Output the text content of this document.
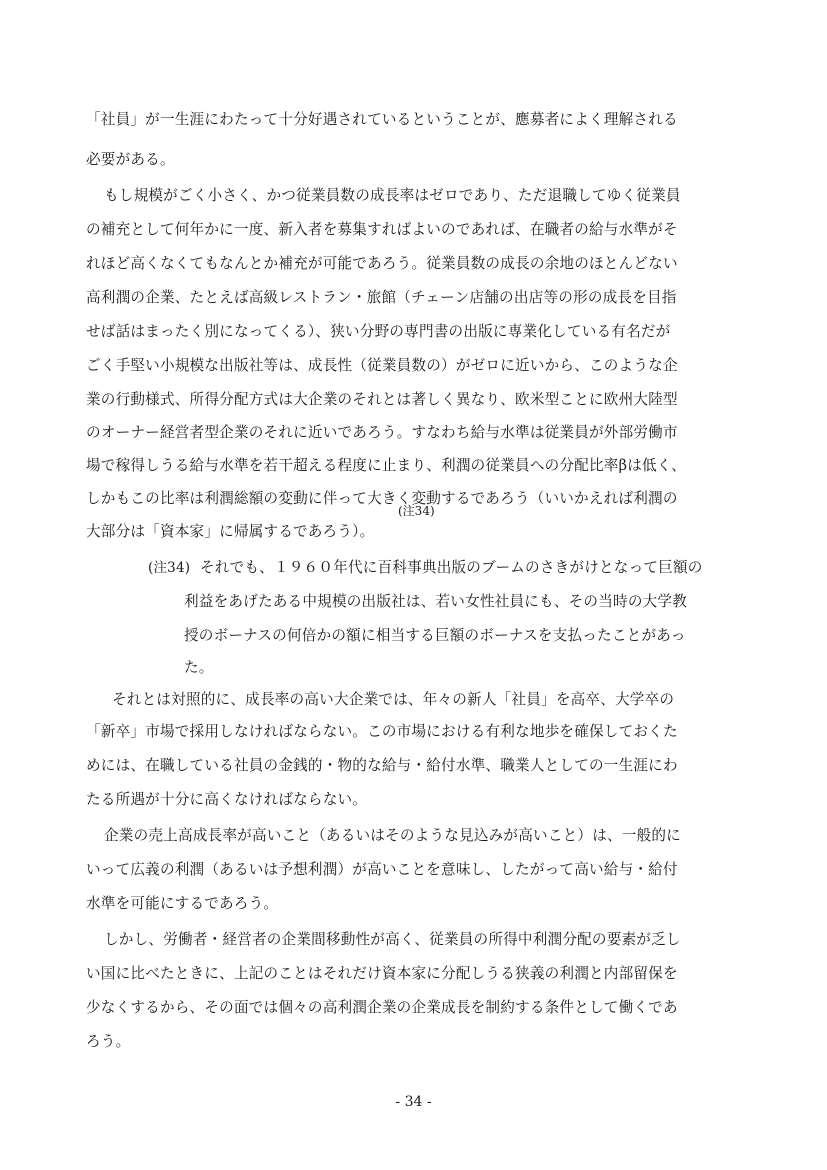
「社員」が一生涯にわたって十分好遇されているということが、應募者によく理解される
必要がある。
もし規模がごく小さく、かつ従業員数の成長率はゼロであり、ただ退職してゆく従業員
の補充として何年かに一度、新入者を募集すればよいのであれば、在職者の給与水準がそ
れほど高くなくてもなんとか補充が可能であろう。従業員数の成長の余地のほとんどない
高利潤の企業、たとえば高級レストラン・旅館（チェーン店舗の出店等の形の成長を目指
せば話はまったく別になってくる）、狭い分野の専門書の出版に専業化している有名だが
ごく手堅い小規模な出版社等は、成長性（従業員数の）がゼロに近いから、このような企
業の行動様式、所得分配方式は大企業のそれとは著しく異なり、欧米型ことに欧州大陸型
のオーナー経営者型企業のそれに近いであろう。すなわち給与水準は従業員が外部労働市
場で稼得しうる給与水準を若干超える程度に止まり、利潤の従業員への分配比率βは低く、
しかもこの比率は利潤総額の変動に伴って大きく変動するであろう（いいかえれば利潤の
(注34)
大部分は「資本家」に帰属するであろう）。
(注34) それでも、１９６０年代に百科事典出版のブームのさきがけとなって巨額の
利益をあげたある中規模の出版社は、若い女性社員にも、その当時の大学教
授のボーナスの何倍かの額に相当する巨額のボーナスを支払ったことがあっ
た。
それとは対照的に、成長率の高い大企業では、年々の新人「社員」を高卒、大学卒の
「新卒」市場で採用しなければならない。この市場における有利な地歩を確保しておくた
めには、在職している社員の金銭的・物的な給与・給付水準、職業人としての一生涯にわ
たる所遇が十分に高くなければならない。
企業の売上高成長率が高いこと（あるいはそのような見込みが高いこと）は、一般的に
いって広義の利潤（あるいは予想利潤）が高いことを意味し、したがって高い給与・給付
水準を可能にするであろう。
しかし、労働者・経営者の企業間移動性が高く、従業員の所得中利潤分配の要素が乏し
い国に比べたときに、上記のことはそれだけ資本家に分配しうる狭義の利潤と内部留保を
少なくするから、その面では個々の高利潤企業の企業成長を制約する条件として働くであ
ろう。
- 34 -
